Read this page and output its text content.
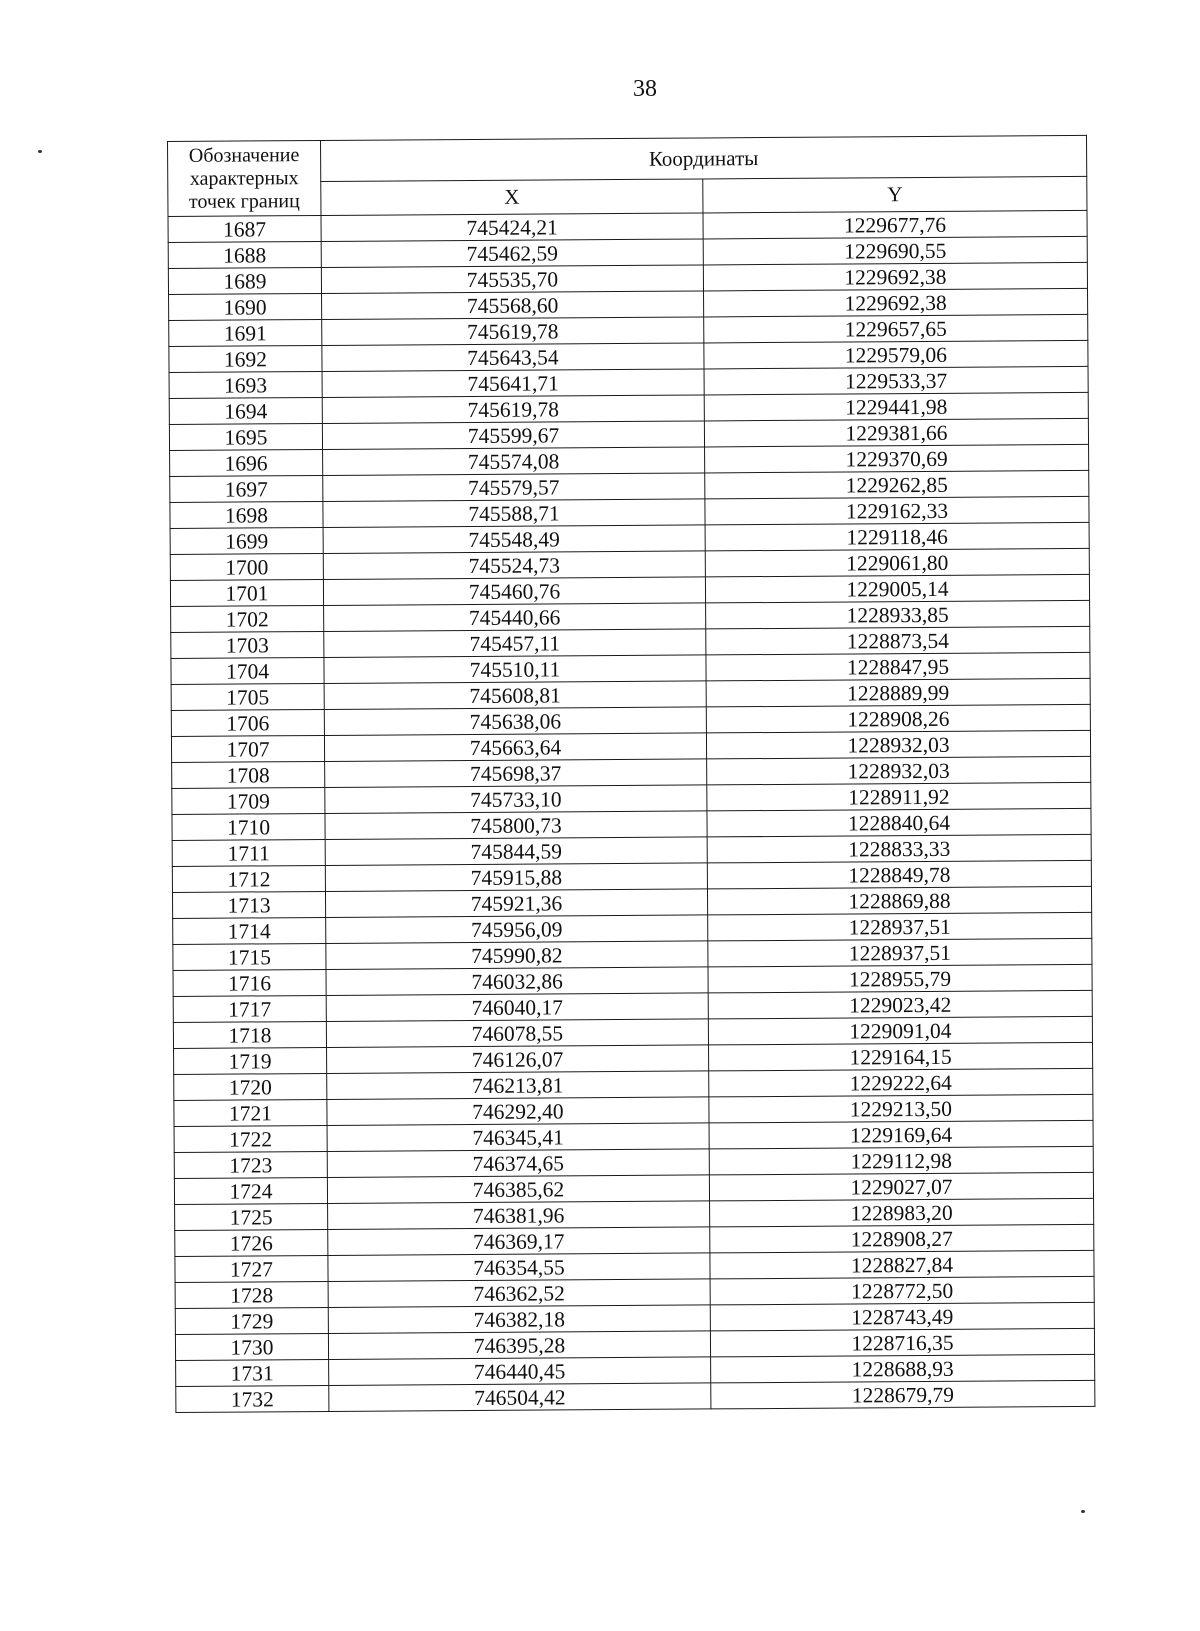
38
Обозначение характерных точек границ	Координаты	
	X	Y
1687	745424,21	1229677,76
1688	745462,59	1229690,55
1689	745535,70	1229692,38
1690	745568,60	1229692,38
1691	745619,78	1229657,65
1692	745643,54	1229579,06
1693	745641,71	1229533,37
1694	745619,78	1229441,98
1695	745599,67	1229381,66
1696	745574,08	1229370,69
1697	745579,57	1229262,85
1698	745588,71	1229162,33
1699	745548,49	1229118,46
1700	745524,73	1229061,80
1701	745460,76	1229005,14
1702	745440,66	1228933,85
1703	745457,11	1228873,54
1704	745510,11	1228847,95
1705	745608,81	1228889,99
1706	745638,06	1228908,26
1707	745663,64	1228932,03
1708	745698,37	1228932,03
1709	745733,10	1228911,92
1710	745800,73	1228840,64
1711	745844,59	1228833,33
1712	745915,88	1228849,78
1713	745921,36	1228869,88
1714	745956,09	1228937,51
1715	745990,82	1228937,51
1716	746032,86	1228955,79
1717	746040,17	1229023,42
1718	746078,55	1229091,04
1719	746126,07	1229164,15
1720	746213,81	1229222,64
1721	746292,40	1229213,50
1722	746345,41	1229169,64
1723	746374,65	1229112,98
1724	746385,62	1229027,07
1725	746381,96	1228983,20
1726	746369,17	1228908,27
1727	746354,55	1228827,84
1728	746362,52	1228772,50
1729	746382,18	1228743,49
1730	746395,28	1228716,35
1731	746440,45	1228688,93
1732	746504,42	1228679,79
